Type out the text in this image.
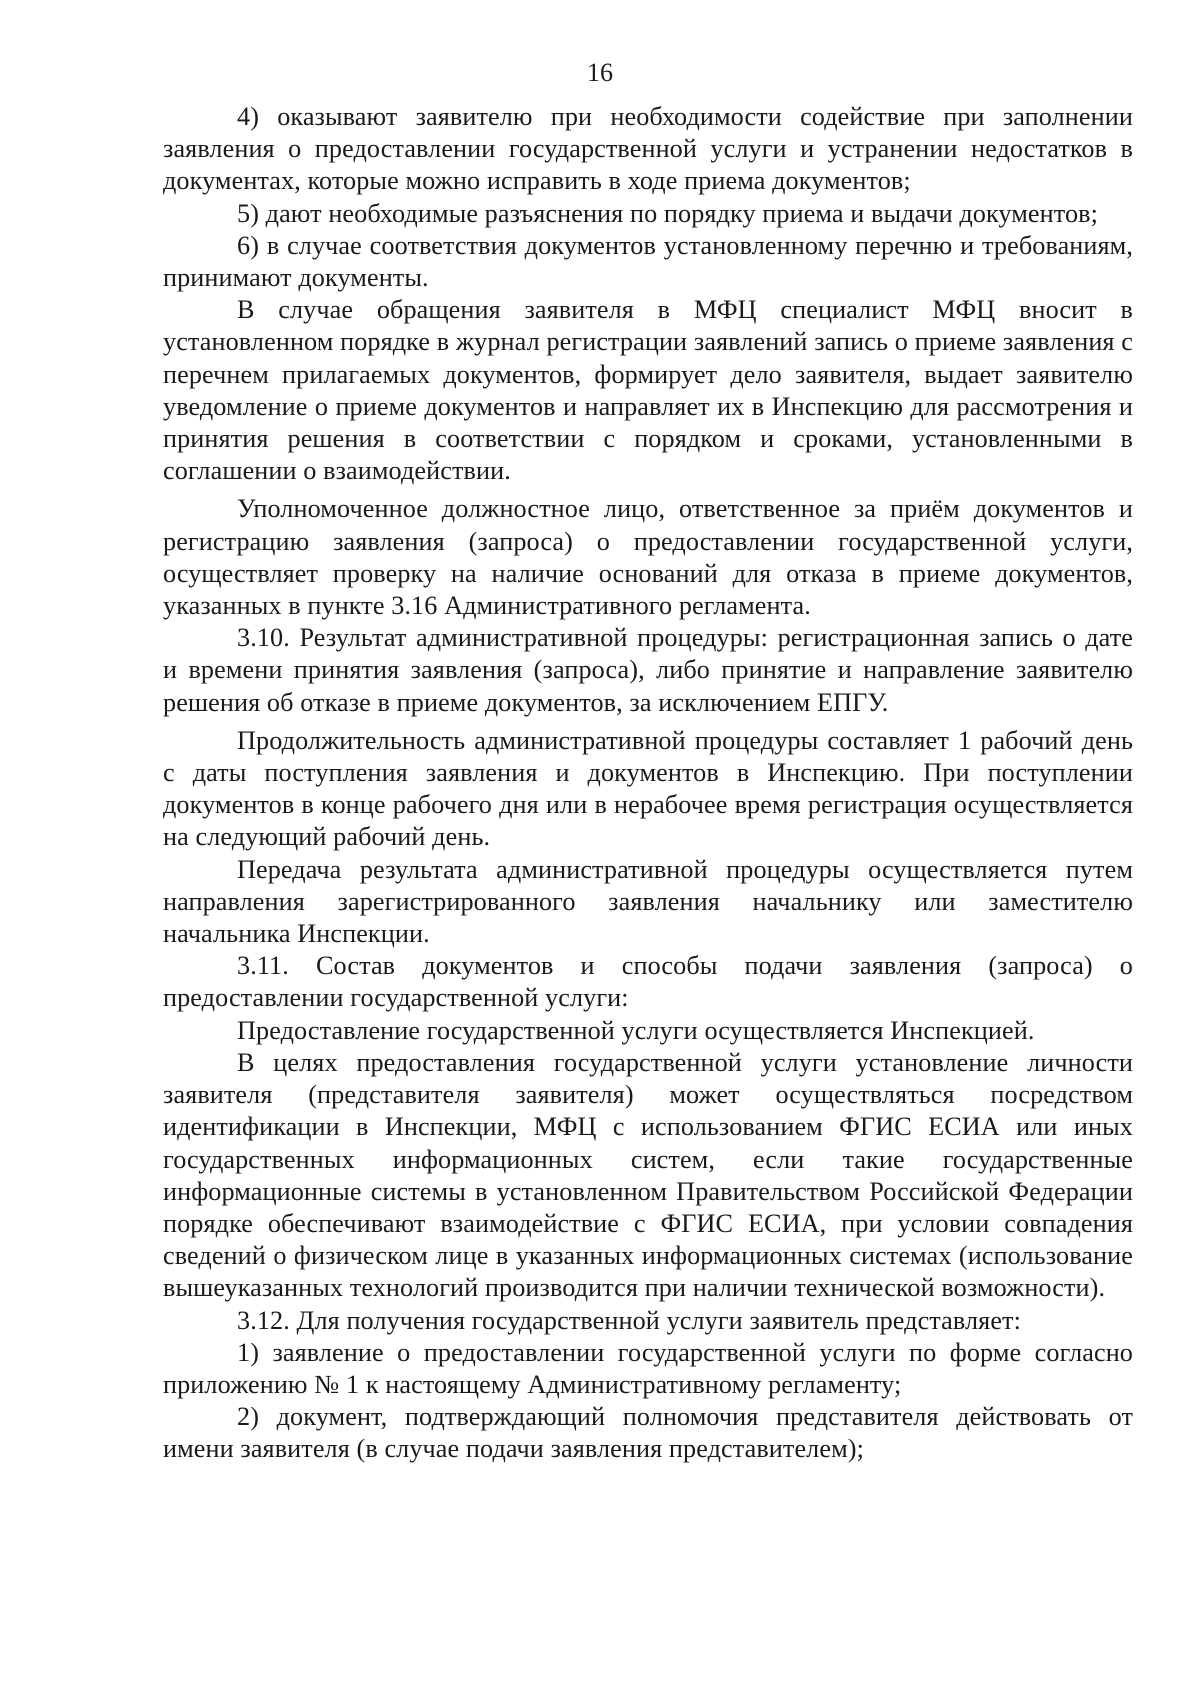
16

4) оказывают заявителю при необходимости содействие при заполнении заявления о предоставлении государственной услуги и устранении недостатков в документах, которые можно исправить в ходе приема документов;

5) дают необходимые разъяснения по порядку приема и выдачи документов;

6) в случае соответствия документов установленному перечню и требованиям, принимают документы.

В случае обращения заявителя в МФЦ специалист МФЦ вносит в установленном порядке в журнал регистрации заявлений запись о приеме заявления с перечнем прилагаемых документов, формирует дело заявителя, выдает заявителю уведомление о приеме документов и направляет их в Инспекцию для рассмотрения и принятия решения в соответствии с порядком и сроками, установленными в соглашении о взаимодействии.

Уполномоченное должностное лицо, ответственное за приём документов и регистрацию заявления (запроса) о предоставлении государственной услуги, осуществляет проверку на наличие оснований для отказа в приеме документов, указанных в пункте 3.16 Административного регламента.

3.10. Результат административной процедуры: регистрационная запись о дате и времени принятия заявления (запроса), либо принятие и направление заявителю решения об отказе в приеме документов, за исключением ЕПГУ.

Продолжительность административной процедуры составляет 1 рабочий день с даты поступления заявления и документов в Инспекцию. При поступлении документов в конце рабочего дня или в нерабочее время регистрация осуществляется на следующий рабочий день.

Передача результата административной процедуры осуществляется путем направления зарегистрированного заявления начальнику или заместителю начальника Инспекции.

3.11. Состав документов и способы подачи заявления (запроса) о предоставлении государственной услуги:

Предоставление государственной услуги осуществляется Инспекцией.

В целях предоставления государственной услуги установление личности заявителя (представителя заявителя) может осуществляться посредством идентификации в Инспекции, МФЦ с использованием ФГИС ЕСИА или иных государственных информационных систем, если такие государственные информационные системы в установленном Правительством Российской Федерации порядке обеспечивают взаимодействие с ФГИС ЕСИА, при условии совпадения сведений о физическом лице в указанных информационных системах (использование вышеуказанных технологий производится при наличии технической возможности).

3.12. Для получения государственной услуги заявитель представляет:

1) заявление о предоставлении государственной услуги по форме согласно приложению № 1 к настоящему Административному регламенту;

2) документ, подтверждающий полномочия представителя действовать от имени заявителя (в случае подачи заявления представителем);
